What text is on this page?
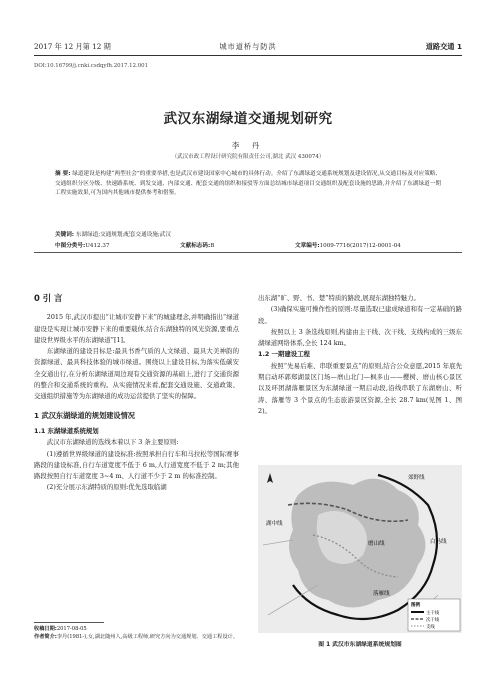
2017 年 12 月第 12 期	城市道桥与防洪	道路交通 1
DOI:10.16799/j.cnki.csdqyfh.2017.12.001
武汉东湖绿道交通规划研究
李 丹
（武汉市政工程设计研究院有限责任公司,湖北 武汉 430074）
摘 要: 绿道建设是构建“两型社会”的重要举措,也是武汉市建设国家中心城市的具体行动。介绍了东湖绿道交通系统规划及建设情况,从交通目标及对应策略、交通组织分区分级、快速路系统、到发交通、内部交通、配套交通的组织和接驳等方面总结城市绿道项目交通组织及配套设施的思路,并介绍了东湖绿道一期工程实施效果,可为国内其他城市提供参考和借鉴。
关键词: 东湖绿道;交通规划;配套交通设施;武汉
中图分类号:U412.37	文献标志码:B	文章编号:1009-7716(2017)12-0001-04
0 引 言

2015 年,武汉市提出“让城市安静下来”的城建理念,并明确指出“绿道建设是实现让城市安静下来的重要载体,结合东湖独特的风光资源,要重点建设世界级水平的东湖绿道”[1]。

东湖绿道的建设目标是:最具书香气质的人文绿道、最具大美神韵的资源绿道、最具科技体验的城市绿道。围绕以上建设目标,为落实低碳安全交通出行,在分析东湖绿道周边现有交通资源的基础上,进行了交通资源的整合和交通系统的重构。从实施情况来看,配套交通设施、交通政策、交通组织措施等为东湖绿道的成功运营提供了坚实的保障。

1 武汉东湖绿道的规划建设情况
1.1 东湖绿道系统规划

武汉市东湖绿道的选线本着以下 3 条主要原则:

(1)遵循世界级绿道的建设标准:按照承担自行车和马拉松等国际赛事路段的建设标准,自行车道宽度不低于 6 m,人行道宽度不低于 2 m;其他路段按照自行车道宽度 3~4 m、人行道不少于 2 m 的标准控制。

(2)充分展示东湖特质的原则:优先选取临湖

出东湖“旷、野、书、楚”特质的路段,展现东湖独特魅力。

(3)确保实施可操作性的原则:尽量选取已建成绿道和有一定基础的路段。

按照以上 3 条选线原则,构建由主干线、次干线、支线构成的三级东湖绿道网络体系,全长 124 km。

1.2 一期建设工程

按照“先易后难、串联重要景点”的原则,结合公众意愿,2015 年底先期启动环郭郑湖景区门场—磨山北门—枫多山——樱树、磨山核心景区以及环团湖落雁景区为东湖绿道一期启动段,沿线串联了东湖磨山、听涛、落雁等 3 个景点的生态旅游景区资源,全长 28.7 km(见图 1、图 2)。

郊野线
磨山线
落雁线
湖中线
白马线
图例
主干线
次干线
支线
图 1 武汉市东湖绿道系统规划图
收稿日期:2017-08-05
作者简介:李丹(1981-),女,湖北随州人,高级工程师,研究方向为交通规划、交通工程设计。
